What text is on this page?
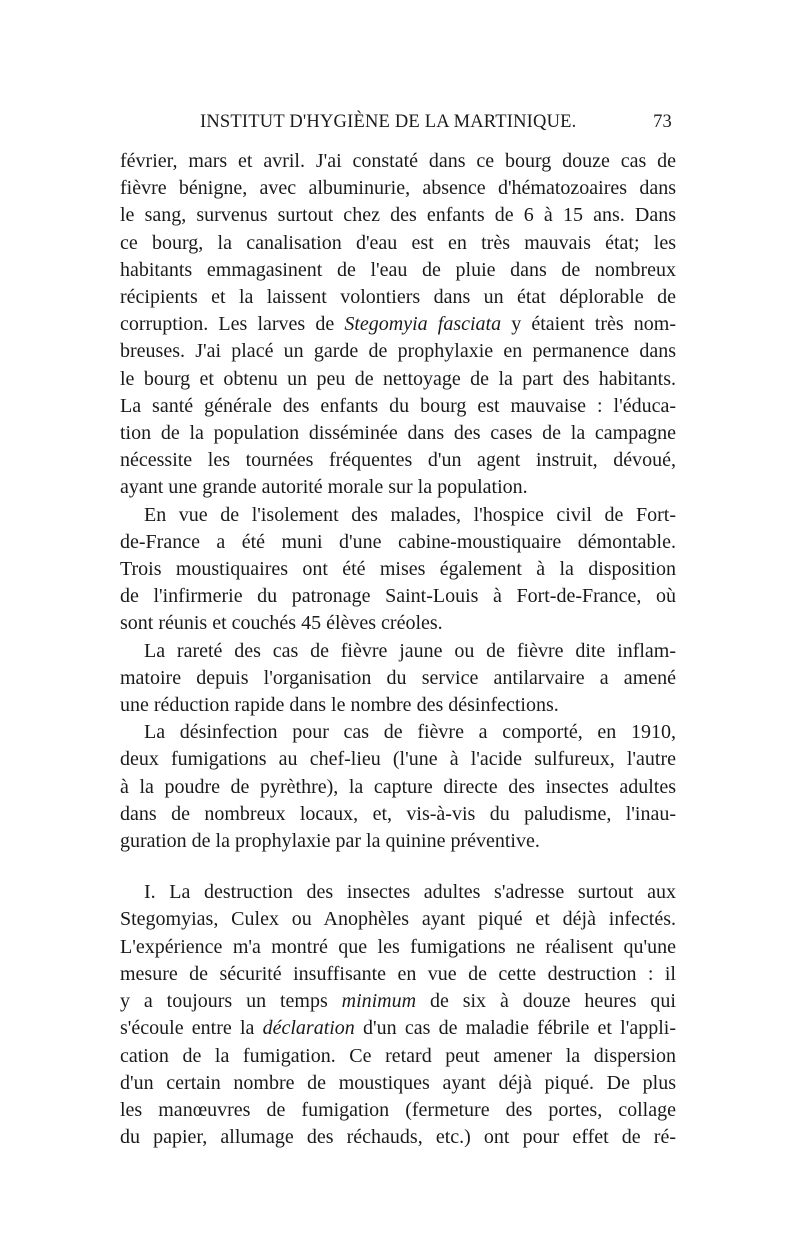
INSTITUT D'HYGIÈNE DE LA MARTINIQUE.	73

février, mars et avril. J'ai constaté dans ce bourg douze cas de
fièvre bénigne, avec albuminurie, absence d'hématozoaires dans
le sang, survenus surtout chez des enfants de 6 à 15 ans. Dans
ce bourg, la canalisation d'eau est en très mauvais état; les
habitants emmagasinent de l'eau de pluie dans de nombreux
récipients et la laissent volontiers dans un état déplorable de
corruption. Les larves de Stegomyia fasciata y étaient très nom-
breuses. J'ai placé un garde de prophylaxie en permanence dans
le bourg et obtenu un peu de nettoyage de la part des habitants.
La santé générale des enfants du bourg est mauvaise : l'éduca-
tion de la population disséminée dans des cases de la campagne
nécessite les tournées fréquentes d'un agent instruit, dévoué,
ayant une grande autorité morale sur la population.

En vue de l'isolement des malades, l'hospice civil de Fort-
de-France a été muni d'une cabine-moustiquaire démontable.
Trois moustiquaires ont été mises également à la disposition
de l'infirmerie du patronage Saint-Louis à Fort-de-France, où
sont réunis et couchés 45 élèves créoles.

La rareté des cas de fièvre jaune ou de fièvre dite inflam-
matoire depuis l'organisation du service antilarvaire a amené
une réduction rapide dans le nombre des désinfections.

La désinfection pour cas de fièvre a comporté, en 1910,
deux fumigations au chef-lieu (l'une à l'acide sulfureux, l'autre
à la poudre de pyrèthre), la capture directe des insectes adultes
dans de nombreux locaux, et, vis-à-vis du paludisme, l'inau-
guration de la prophylaxie par la quinine préventive.

I. La destruction des insectes adultes s'adresse surtout aux
Stegomyias, Culex ou Anophèles ayant piqué et déjà infectés.
L'expérience m'a montré que les fumigations ne réalisent qu'une
mesure de sécurité insuffisante en vue de cette destruction : il
y a toujours un temps minimum de six à douze heures qui
s'écoule entre la déclaration d'un cas de maladie fébrile et l'appli-
cation de la fumigation. Ce retard peut amener la dispersion
d'un certain nombre de moustiques ayant déjà piqué. De plus
les manœuvres de fumigation (fermeture des portes, collage
du papier, allumage des réchauds, etc.) ont pour effet de ré-
